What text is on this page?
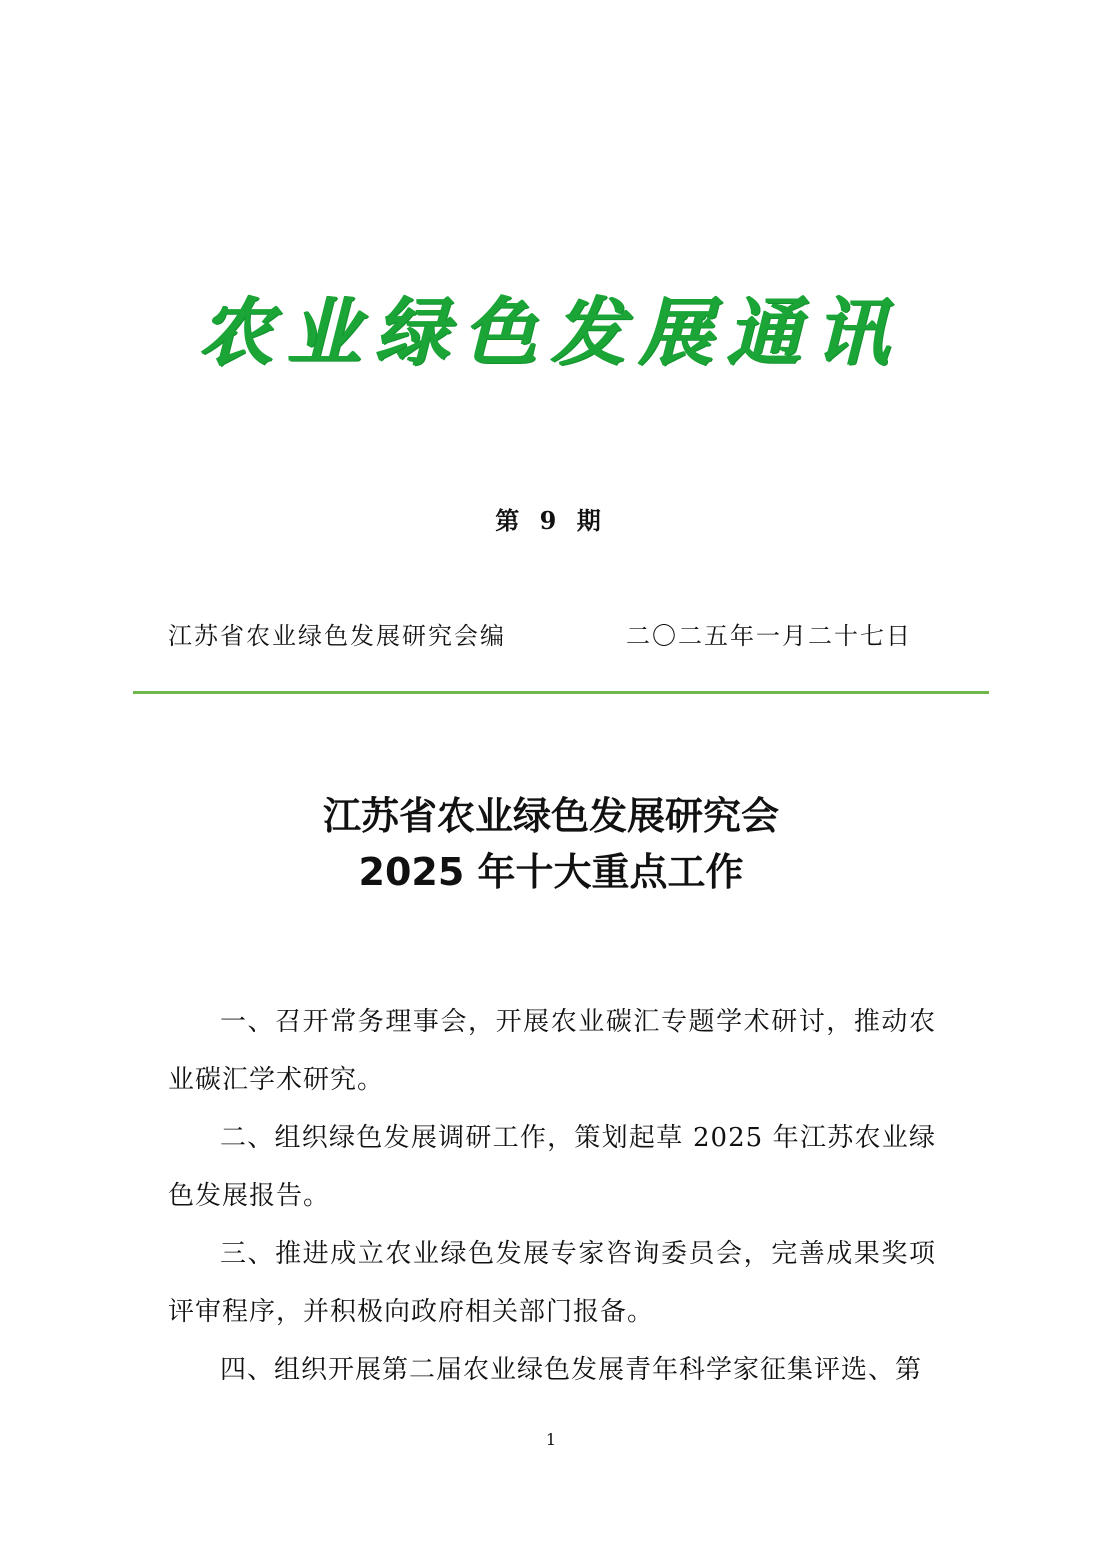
农业绿色发展通讯
第 9 期
江苏省农业绿色发展研究会编	二〇二五年一月二十七日
江苏省农业绿色发展研究会
2025 年十大重点工作

一、召开常务理事会，开展农业碳汇专题学术研讨，推动农业碳汇学术研究。

二、组织绿色发展调研工作，策划起草 2025 年江苏农业绿色发展报告。

三、推进成立农业绿色发展专家咨询委员会，完善成果奖项评审程序，并积极向政府相关部门报备。

四、组织开展第二届农业绿色发展青年科学家征集评选、第

1
